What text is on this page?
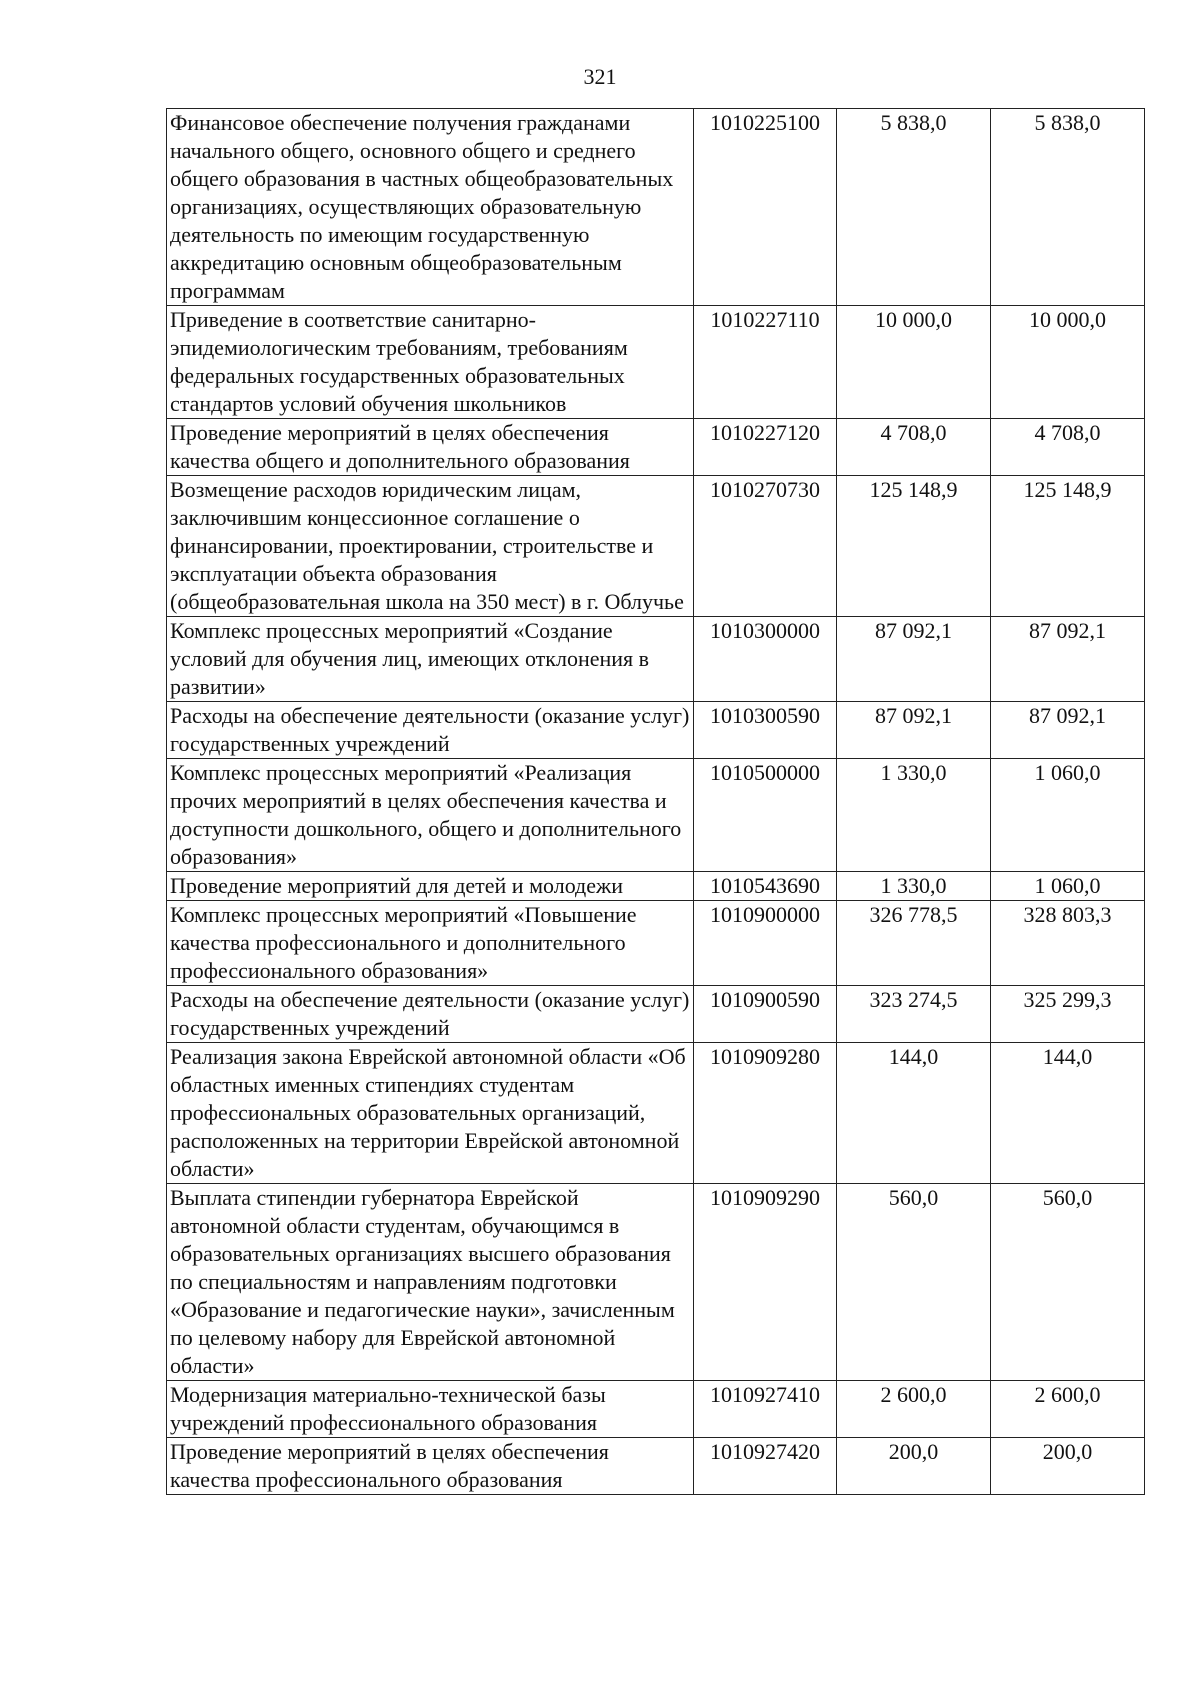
321
Финансовое обеспечение получения гражданами начального общего, основного общего и среднего общего образования в частных общеобразовательных организациях, осуществляющих образовательную деятельность по имеющим государственную аккредитацию основным общеобразовательным программам	1010225100	5 838,0	5 838,0
Приведение в соответствие санитарно-эпидемиологическим требованиям, требованиям федеральных государственных образовательных стандартов условий обучения школьников	1010227110	10 000,0	10 000,0
Проведение мероприятий в целях обеспечения качества общего и дополнительного образования	1010227120	4 708,0	4 708,0
Возмещение расходов юридическим лицам, заключившим концессионное соглашение о финансировании, проектировании, строительстве и эксплуатации объекта образования (общеобразовательная школа на 350 мест) в г. Облучье	1010270730	125 148,9	125 148,9
Комплекс процессных мероприятий «Создание условий для обучения лиц, имеющих отклонения в развитии»	1010300000	87 092,1	87 092,1
Расходы на обеспечение деятельности (оказание услуг) государственных учреждений	1010300590	87 092,1	87 092,1
Комплекс процессных мероприятий «Реализация прочих мероприятий в целях обеспечения качества и доступности дошкольного, общего и дополнительного образования»	1010500000	1 330,0	1 060,0
Проведение мероприятий для детей и молодежи	1010543690	1 330,0	1 060,0
Комплекс процессных мероприятий «Повышение качества профессионального и дополнительного профессионального образования»	1010900000	326 778,5	328 803,3
Расходы на обеспечение деятельности (оказание услуг) государственных учреждений	1010900590	323 274,5	325 299,3
Реализация закона Еврейской автономной области «Об областных именных стипендиях студентам профессиональных образовательных организаций, расположенных на территории Еврейской автономной области»	1010909280	144,0	144,0
Выплата стипендии губернатора Еврейской автономной области студентам, обучающимся в образовательных организациях высшего образования по специальностям и направлениям подготовки «Образование и педагогические науки», зачисленным по целевому набору для Еврейской автономной области»	1010909290	560,0	560,0
Модернизация материально-технической базы учреждений профессионального образования	1010927410	2 600,0	2 600,0
Проведение мероприятий в целях обеспечения качества профессионального образования	1010927420	200,0	200,0
